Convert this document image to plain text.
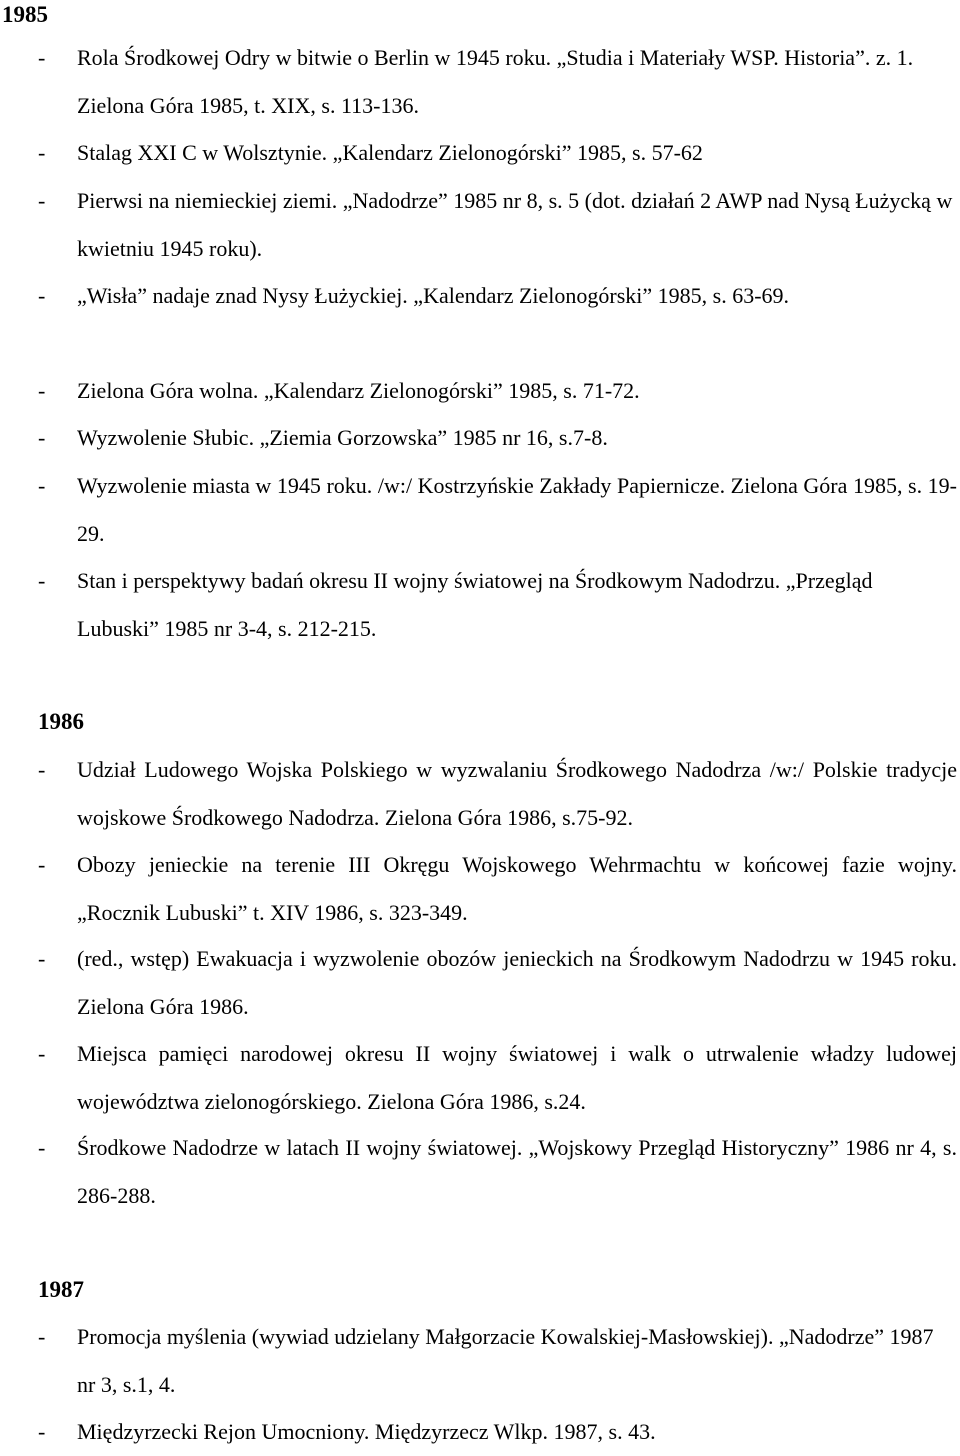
1985
- Rola Środkowej Odry w bitwie o Berlin w 1945 roku. „Studia i Materiały WSP. Historia”. z. 1. Zielona Góra 1985, t. XIX, s. 113-136.
- Stalag XXI C w Wolsztynie. „Kalendarz Zielonogórski” 1985, s. 57-62
- Pierwsi na niemieckiej ziemi. „Nadodrze” 1985 nr 8, s. 5 (dot. działań 2 AWP nad Nysą Łużycką w kwietniu 1945 roku).
- „Wisła” nadaje znad Nysy Łużyckiej. „Kalendarz Zielonogórski” 1985, s. 63-69.
- Zielona Góra wolna. „Kalendarz Zielonogórski” 1985, s. 71-72.
- Wyzwolenie Słubic. „Ziemia Gorzowska” 1985 nr 16, s.7-8.
- Wyzwolenie miasta w 1945 roku. /w:/ Kostrzyńskie Zakłady Papiernicze. Zielona Góra 1985, s. 19-29.
- Stan i perspektywy badań okresu II wojny światowej na Środkowym Nadodrzu. „Przegląd Lubuski” 1985 nr 3-4, s. 212-215.
1986
- Udział Ludowego Wojska Polskiego w wyzwalaniu Środkowego Nadodrza /w:/ Polskie tradycje wojskowe Środkowego Nadodrza. Zielona Góra 1986, s.75-92.
- Obozy jenieckie na terenie III Okręgu Wojskowego Wehrmachtu w końcowej fazie wojny. „Rocznik Lubuski” t. XIV 1986, s. 323-349.
- (red., wstęp) Ewakuacja i wyzwolenie obozów jenieckich na Środkowym Nadodrzu w 1945 roku. Zielona Góra 1986.
- Miejsca pamięci narodowej okresu II wojny światowej i walk o utrwalenie władzy ludowej województwa zielonogórskiego. Zielona Góra 1986, s.24.
- Środkowe Nadodrze w latach II wojny światowej. „Wojskowy Przegląd Historyczny” 1986 nr 4, s. 286-288.
1987
- Promocja myślenia (wywiad udzielany Małgorzacie Kowalskiej-Masłowskiej). „Nadodrze” 1987 nr 3, s.1, 4.
- Międzyrzecki Rejon Umocniony. Międzyrzecz Wlkp. 1987, s. 43.
